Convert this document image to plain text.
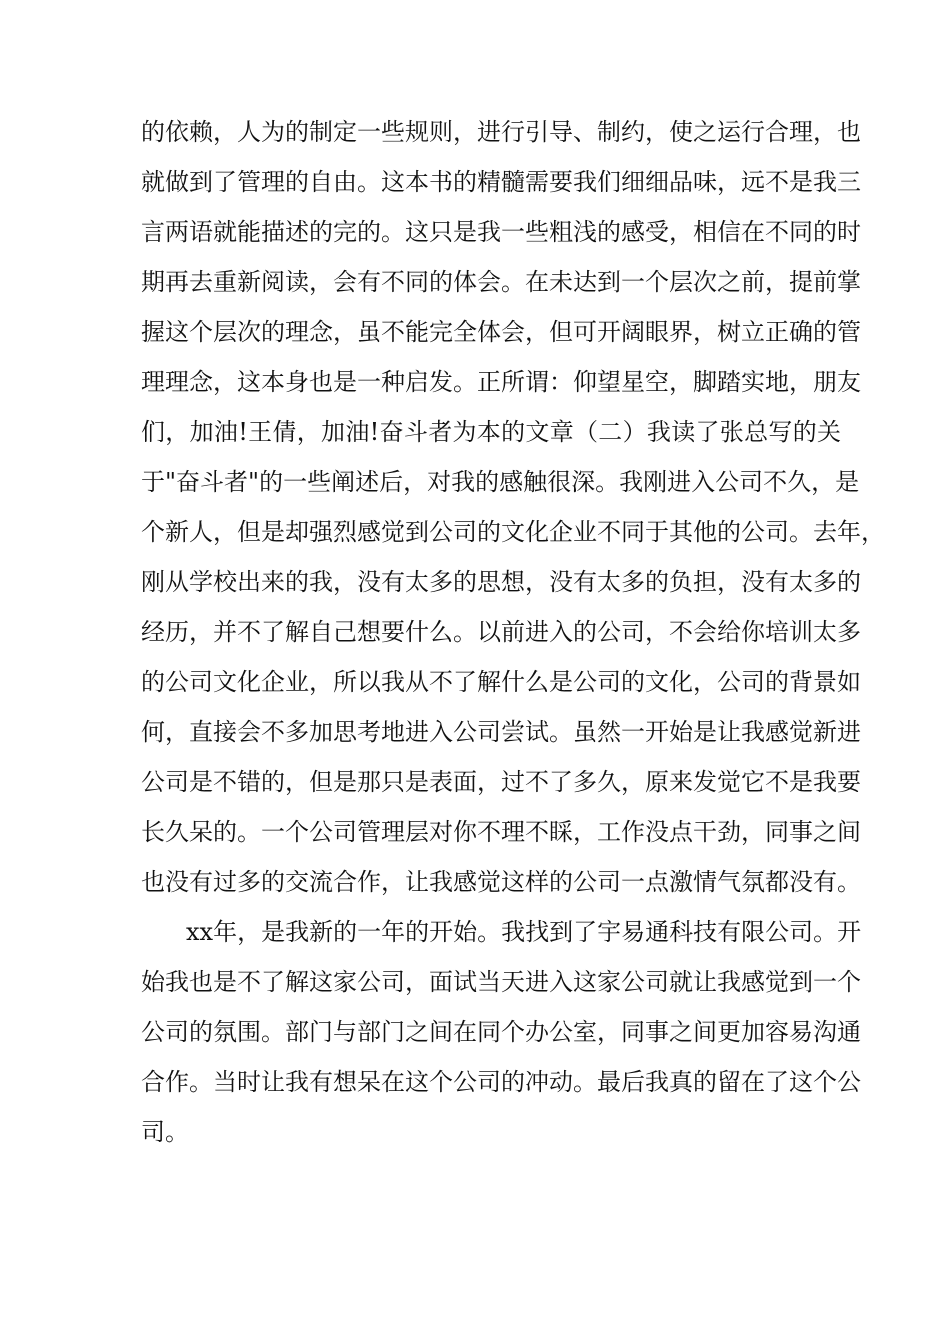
的依赖，人为的制定一些规则，进行引导、制约，使之运行合理，也
就做到了管理的自由。这本书的精髓需要我们细细品味，远不是我三
言两语就能描述的完的。这只是我一些粗浅的感受，相信在不同的时
期再去重新阅读，会有不同的体会。在未达到一个层次之前，提前掌
握这个层次的理念，虽不能完全体会，但可开阔眼界，树立正确的管
理理念，这本身也是一种启发。正所谓：仰望星空，脚踏实地，朋友
们，加油!王倩，加油!奋斗者为本的文章（二）我读了张总写的关
于"奋斗者"的一些阐述后，对我的感触很深。我刚进入公司不久，是
个新人，但是却强烈感觉到公司的文化企业不同于其他的公司。去年，
刚从学校出来的我，没有太多的思想，没有太多的负担，没有太多的
经历，并不了解自己想要什么。以前进入的公司，不会给你培训太多
的公司文化企业，所以我从不了解什么是公司的文化，公司的背景如
何，直接会不多加思考地进入公司尝试。虽然一开始是让我感觉新进
公司是不错的，但是那只是表面，过不了多久，原来发觉它不是我要
长久呆的。一个公司管理层对你不理不睬，工作没点干劲，同事之间
也没有过多的交流合作，让我感觉这样的公司一点激情气氛都没有。
xx年，是我新的一年的开始。我找到了宇易通科技有限公司。开
始我也是不了解这家公司，面试当天进入这家公司就让我感觉到一个
公司的氛围。部门与部门之间在同个办公室，同事之间更加容易沟通
合作。当时让我有想呆在这个公司的冲动。最后我真的留在了这个公
司。
